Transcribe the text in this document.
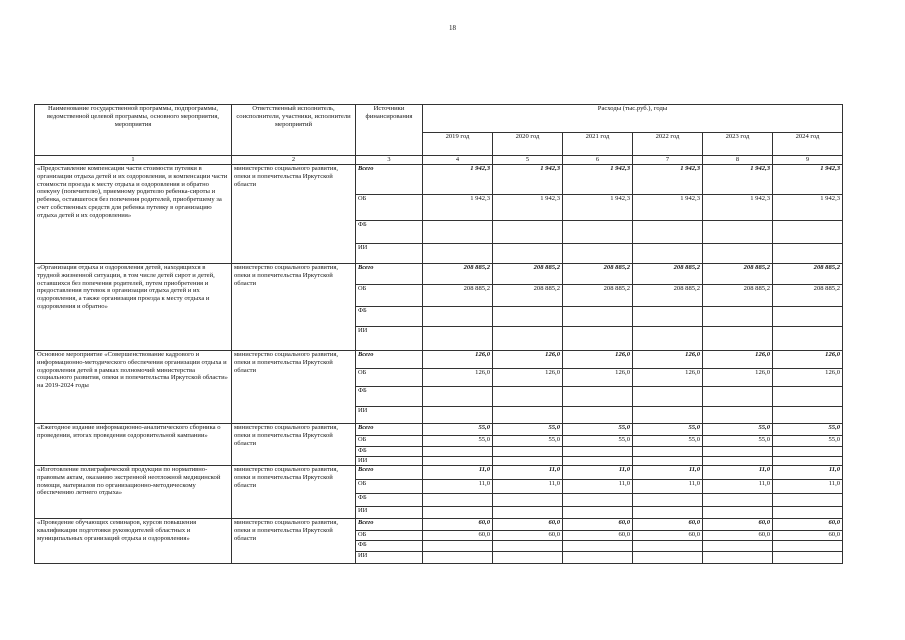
18
Наименование государственной программы, подпрограммы, ведомственной целевой программы, основного мероприятия, мероприятия	Ответственный исполнитель, соисполнители, участники, исполнители мероприятий	Источники финансирования	Расходы (тыс.руб.), годы					
			2019 год	2020 год	2021 год	2022 год	2023 год	2024 год
1	2	3	4	5	6	7	8	9
«Предоставление компенсации части стоимости путевки в организации отдыха детей и их оздоровления, и компенсации части стоимости проезда к месту отдыха и оздоровления и обратно опекуну (попечителю), приемному родителю ребенка-сироты и ребенка, оставшегося без попечения родителей, приобретшему за счет собственных средств для ребенка путевку в организацию отдыха детей и их оздоровления»	министерство социального развития, опеки и попечительства Иркутской области	Всего	1 942,3	1 942,3	1 942,3	1 942,3	1 942,3	1 942,3
		ОБ	1 942,3	1 942,3	1 942,3	1 942,3	1 942,3	1 942,3
		ФБ						
		ИИ						
«Организация отдыха и оздоровления детей, находящихся в трудной жизненной ситуации, в том числе детей сирот и детей, оставшихся без попечения родителей, путем приобретения и предоставления путевок в организации отдыха детей и их оздоровления, а также организация проезда к месту отдыха и оздоровления и обратно»	министерство социального развития, опеки и попечительства Иркутской области	Всего	208 885,2	208 885,2	208 885,2	208 885,2	208 885,2	208 885,2
		ОБ	208 885,2	208 885,2	208 885,2	208 885,2	208 885,2	208 885,2
		ФБ						
		ИИ						
Основное мероприятие «Совершенствование кадрового и информационно-методического обеспечения организации отдыха и оздоровления детей в рамках полномочий министерства социального развития, опеки и попечительства Иркутской области» на 2019-2024 годы	министерство социального развития, опеки и попечительства Иркутской области	Всего	126,0	126,0	126,0	126,0	126,0	126,0
		ОБ	126,0	126,0	126,0	126,0	126,0	126,0
		ФБ						
		ИИ						
«Ежегодное издание информационно-аналитического сборника о проведении, итогах проведения оздоровительной кампании»	министерство социального развития, опеки и попечительства Иркутской области	Всего	55,0	55,0	55,0	55,0	55,0	55,0
		ОБ	55,0	55,0	55,0	55,0	55,0	55,0
		ФБ						
		ИИ						
«Изготовление полиграфической продукции по нормативно-правовым актам, оказанию экстренной неотложной медицинской помощи, материалов по организационно-методическому обеспечению летнего отдыха»	министерство социального развития, опеки и попечительства Иркутской области	Всего	11,0	11,0	11,0	11,0	11,0	11,0
		ОБ	11,0	11,0	11,0	11,0	11,0	11,0
		ФБ						
		ИИ						
«Проведение обучающих семинаров, курсов повышения квалификации подготовки руководителей областных и муниципальных организаций отдыха и оздоровления»	министерство социального развития, опеки и попечительства Иркутской области	Всего	60,0	60,0	60,0	60,0	60,0	60,0
		ОБ	60,0	60,0	60,0	60,0	60,0	60,0
		ФБ						
		ИИ						
